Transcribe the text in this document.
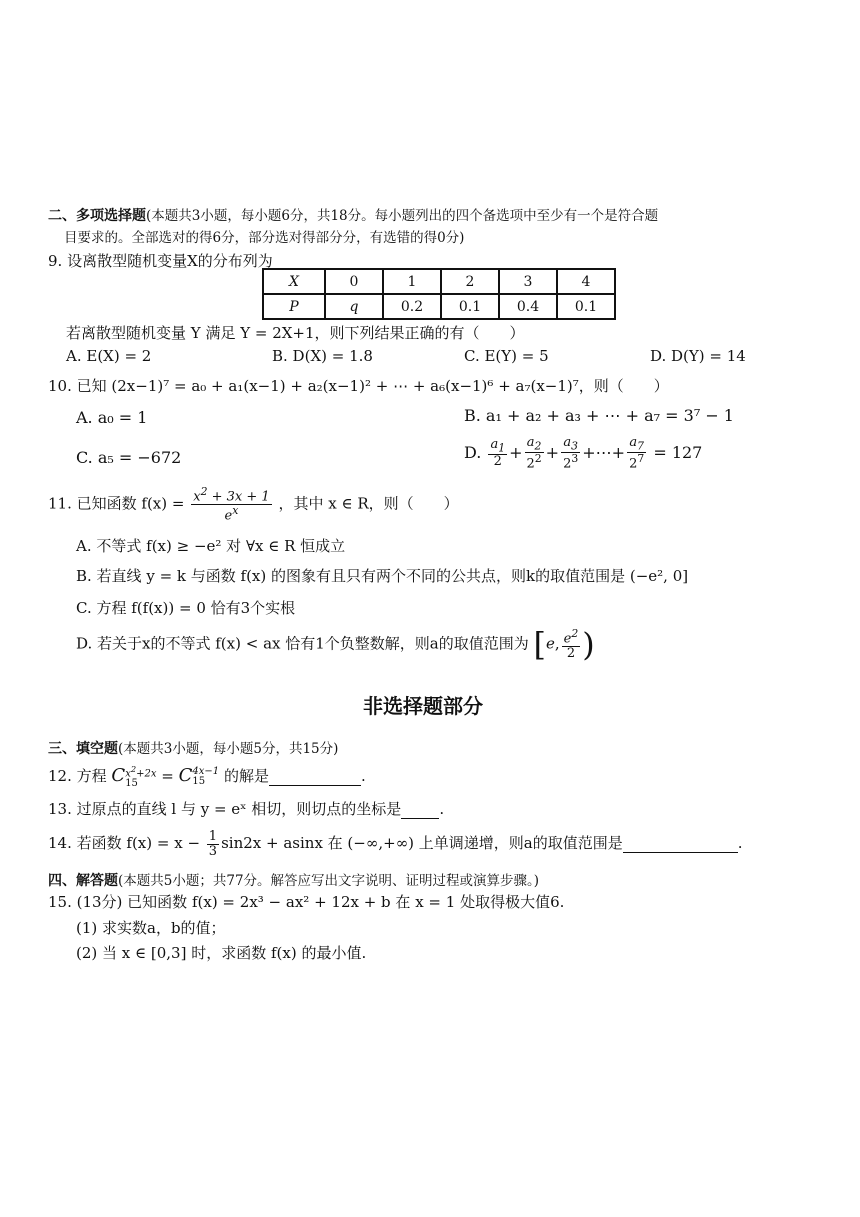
二、多项选择题(本题共3小题，每小题6分，共18分。每小题列出的四个备选项中至少有一个是符合题
目要求的。全部选对的得6分，部分选对得部分分，有选错的得0分)
9. 设离散型随机变量X的分布列为
X	0	1	2	3	4
P	q	0.2	0.1	0.4	0.1
若离散型随机变量 Y 满足 Y = 2X+1，则下列结果正确的有（　　）
A. E(X) = 2	B. D(X) = 1.8	C. E(Y) = 5	D. D(Y) = 14
10. 已知 (2x−1)⁷ = a₀ + a₁(x−1) + a₂(x−1)² + ⋯ + a₆(x−1)⁶ + a₇(x−1)⁷，则（　　）
A. a₀ = 1	B. a₁ + a₂ + a₃ + ⋯ + a₇ = 3⁷ − 1
C. a₅ = −672	D. $\frac{a_1}{2} + \frac{a_2}{2^2} + \frac{a_3}{2^3}$ +⋯+ $\frac{a_7}{2^7} = 127$
11. 已知函数 $f(x) = \frac{x^2 + 3x + 1}{e^x}$ ，其中 x ∈ R，则（　　）
A. 不等式 f(x) ≥ −e² 对 ∀x ∈ R 恒成立
B. 若直线 y = k 与函数 f(x) 的图象有且只有两个不同的公共点，则k的取值范围是 (−e², 0]
C. 方程 f(f(x)) = 0 恰有3个实根
D. 若关于x的不等式 f(x) < ax 恰有1个负整数解，则a的取值范围为 [e, $\frac{e^2}{2}$ )
非选择题部分
三、填空题(本题共3小题，每小题5分，共15分)
12. 方程 C $x^2+2x$
15	= C 4x−1
15	的解是	.
13. 过原点的直线 l 与 y = eˣ 相切，则切点的坐标是	.
14. 若函数 $f(x) = x - \frac{1}{3} \sin 2x + asinx$ 在 (−∞,+∞) 上单调递增，则a的取值范围是	.
四、解答题(本题共5小题；共77分。解答应写出文字说明、证明过程或演算步骤。)
15. (13分) 已知函数 f(x) = 2x³ − ax² + 12x + b 在 x = 1 处取得极大值6.
(1) 求实数a，b的值；
(2) 当 x ∈ [0,3] 时，求函数 f(x) 的最小值.
